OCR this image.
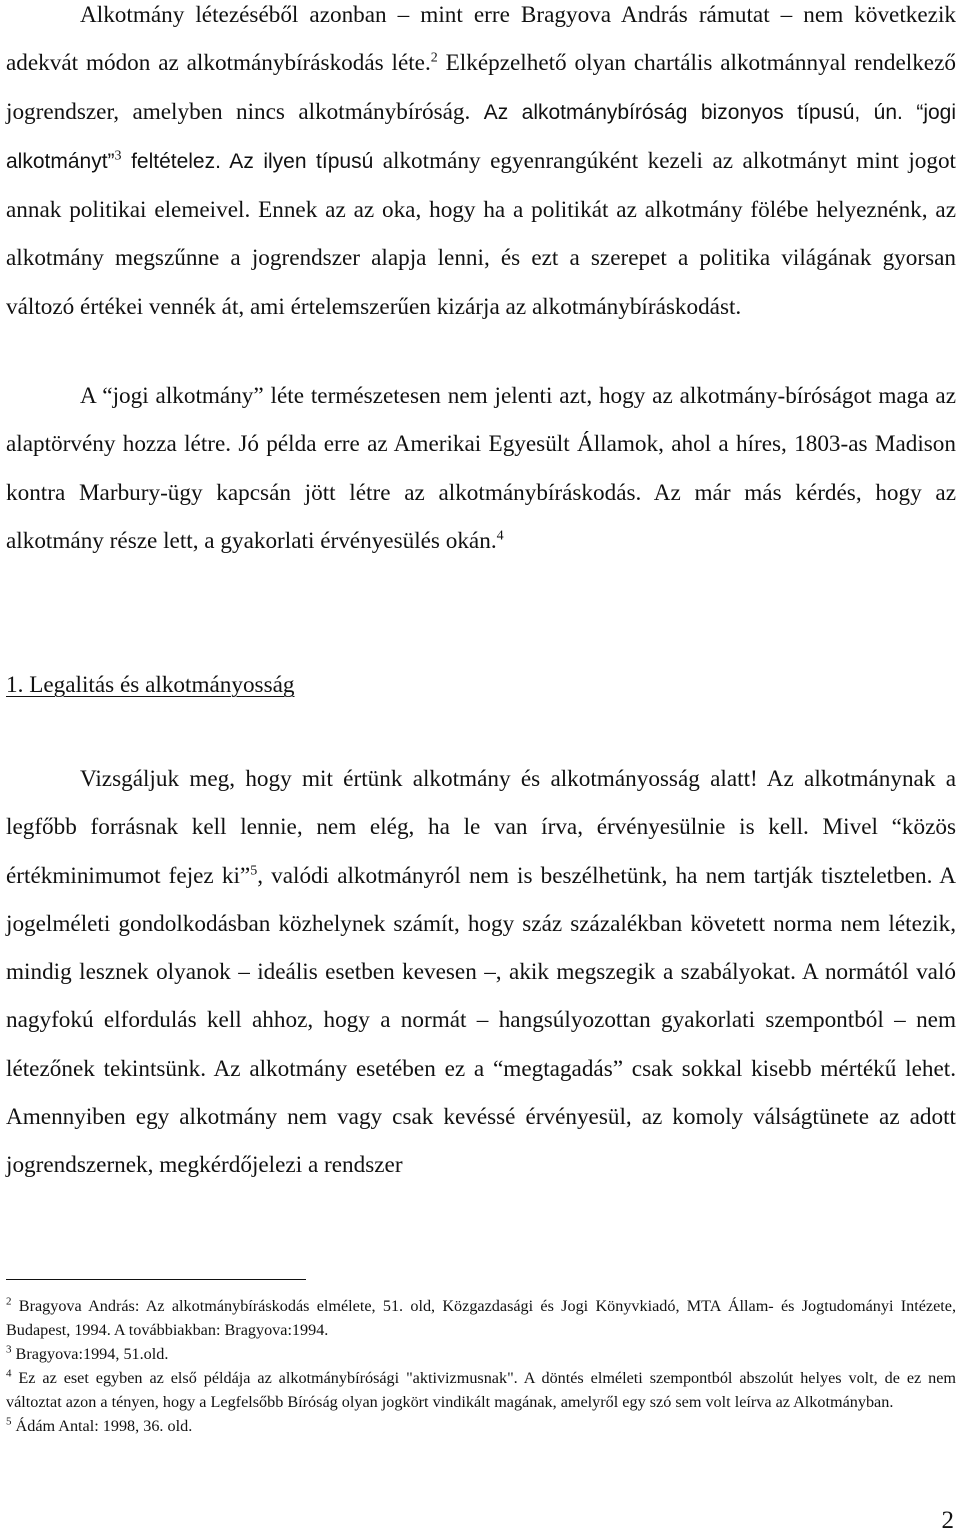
Alkotmány létezéséből azonban – mint erre Bragyova András rámutat – nem következik adekvát módon az alkotmánybíráskodás léte.$^2$ Elképzelhető olyan chartális alkotmánnyal rendelkező jogrendszer, amelyben nincs alkotmánybíróság. Az alkotmánybíróság bizonyos típusú, ún. “jogi alkotmányt”$^3$ feltételez. Az ilyen típusú alkotmány egyenrangúként kezeli az alkotmányt mint jogot annak politikai elemeivel. Ennek az az oka, hogy ha a politikát az alkotmány fölébe helyeznénk, az alkotmány megszűnne a jogrendszer alapja lenni, és ezt a szerepet a politika világának gyorsan változó értékei vennék át, ami értelemszerűen kizárja az alkotmánybíráskodást.

A “jogi alkotmány” léte természetesen nem jelenti azt, hogy az alkotmány-bíróságot maga az alaptörvény hozza létre. Jó példa erre az Amerikai Egyesült Államok, ahol a híres, 1803-as Madison kontra Marbury-ügy kapcsán jött létre az alkotmánybíráskodás. Az már más kérdés, hogy az alkotmány része lett, a gyakorlati érvényesülés okán.$^4$

1. Legalitás és alkotmányosság

Vizsgáljuk meg, hogy mit értünk alkotmány és alkotmányosság alatt! Az alkotmánynak a legfőbb forrásnak kell lennie, nem elég, ha le van írva, érvényesülnie is kell. Mivel “közös értékminimumot fejez ki”$^5$, valódi alkotmányról nem is beszélhetünk, ha nem tartják tiszteletben. A jogelméleti gondolkodásban közhelynek számít, hogy száz százalékban követett norma nem létezik, mindig lesznek olyanok – ideális esetben kevesen –, akik megszegik a szabályokat. A normától való nagyfokú elfordulás kell ahhoz, hogy a normát – hangsúlyozottan gyakorlati szempontból – nem létezőnek tekintsünk. Az alkotmány esetében ez a “megtagadás” csak sokkal kisebb mértékű lehet. Amennyiben egy alkotmány nem vagy csak kevéssé érvényesül, az komoly válságtünete az adott jogrendszernek, megkérdőjelezi a rendszer

$^2$ Bragyova András: Az alkotmánybíráskodás elmélete, 51. old, Közgazdasági és Jogi Könyvkiadó, MTA Állam- és Jogtudományi Intézete, Budapest, 1994. A továbbiakban: Bragyova:1994.

$^3$ Bragyova:1994, 51.old.

$^4$ Ez az eset egyben az első példája az alkotmánybírósági "aktivizmusnak". A döntés elméleti szempontból abszolút helyes volt, de ez nem változtat azon a tényen, hogy a Legfelsőbb Bíróság olyan jogkört vindikált magának, amelyről egy szó sem volt leírva az Alkotmányban.

$^5$ Ádám Antal: 1998, 36. old.

2
